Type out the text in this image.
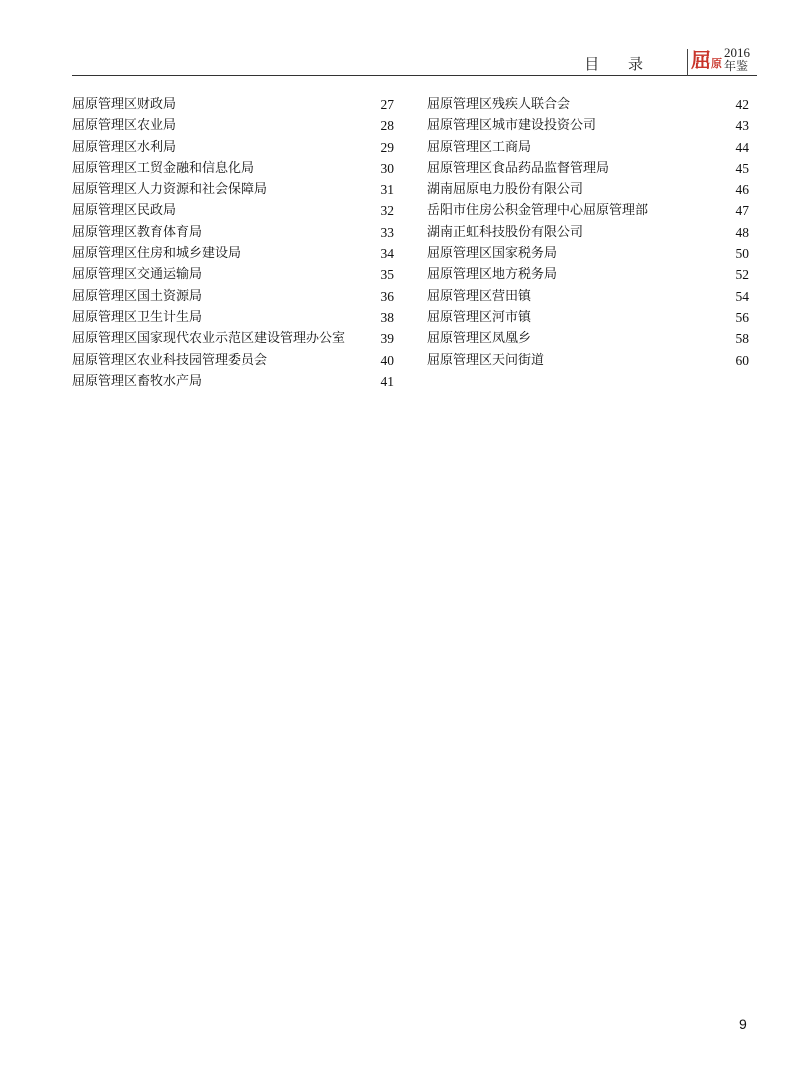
目 录 屈 原
2016
年鉴
屈原管理区财政局	27
屈原管理区农业局	28
屈原管理区水利局	29
屈原管理区工贸金融和信息化局	30
屈原管理区人力资源和社会保障局	31
屈原管理区民政局	32
屈原管理区教育体育局	33
屈原管理区住房和城乡建设局	34
屈原管理区交通运输局	35
屈原管理区国土资源局	36
屈原管理区卫生计生局	38
屈原管理区国家现代农业示范区建设管理办公室	39
屈原管理区农业科技园管理委员会	40
屈原管理区畜牧水产局	41
屈原管理区残疾人联合会	42
屈原管理区城市建设投资公司	43
屈原管理区工商局	44
屈原管理区食品药品监督管理局	45
湖南屈原电力股份有限公司	46
岳阳市住房公积金管理中心屈原管理部	47
湖南正虹科技股份有限公司	48
屈原管理区国家税务局	50
屈原管理区地方税务局	52
屈原管理区营田镇	54
屈原管理区河市镇	56
屈原管理区凤凰乡	58
屈原管理区天问街道	60
9
